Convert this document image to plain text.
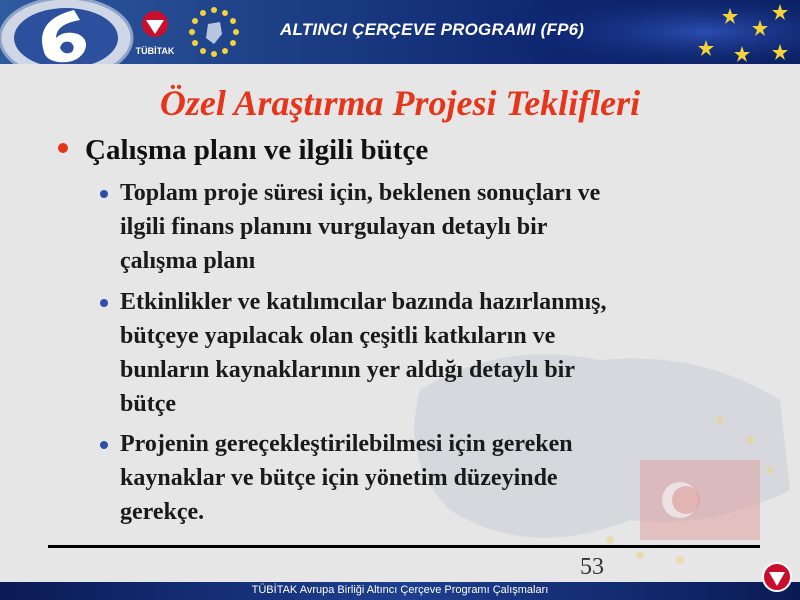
TÜBİTAK
ALTINCI ÇERÇEVE PROGRAMI (FP6)
Özel Araştırma Projesi Teklifleri
Çalışma planı ve ilgili bütçe
Toplam proje süresi için, beklenen sonuçları ve
ilgili finans planını vurgulayan detaylı bir
çalışma planı
Etkinlikler ve katılımcılar bazında hazırlanmış,
bütçeye yapılacak olan çeşitli katkıların ve
bunların kaynaklarının yer aldığı detaylı bir
bütçe
Projenin gereçekleştirilebilmesi için gereken
kaynaklar ve bütçe için yönetim düzeyinde
gerekçe.
53
TÜBİTAK Avrupa Birliği Altıncı Çerçeve Programı Çalışmaları
